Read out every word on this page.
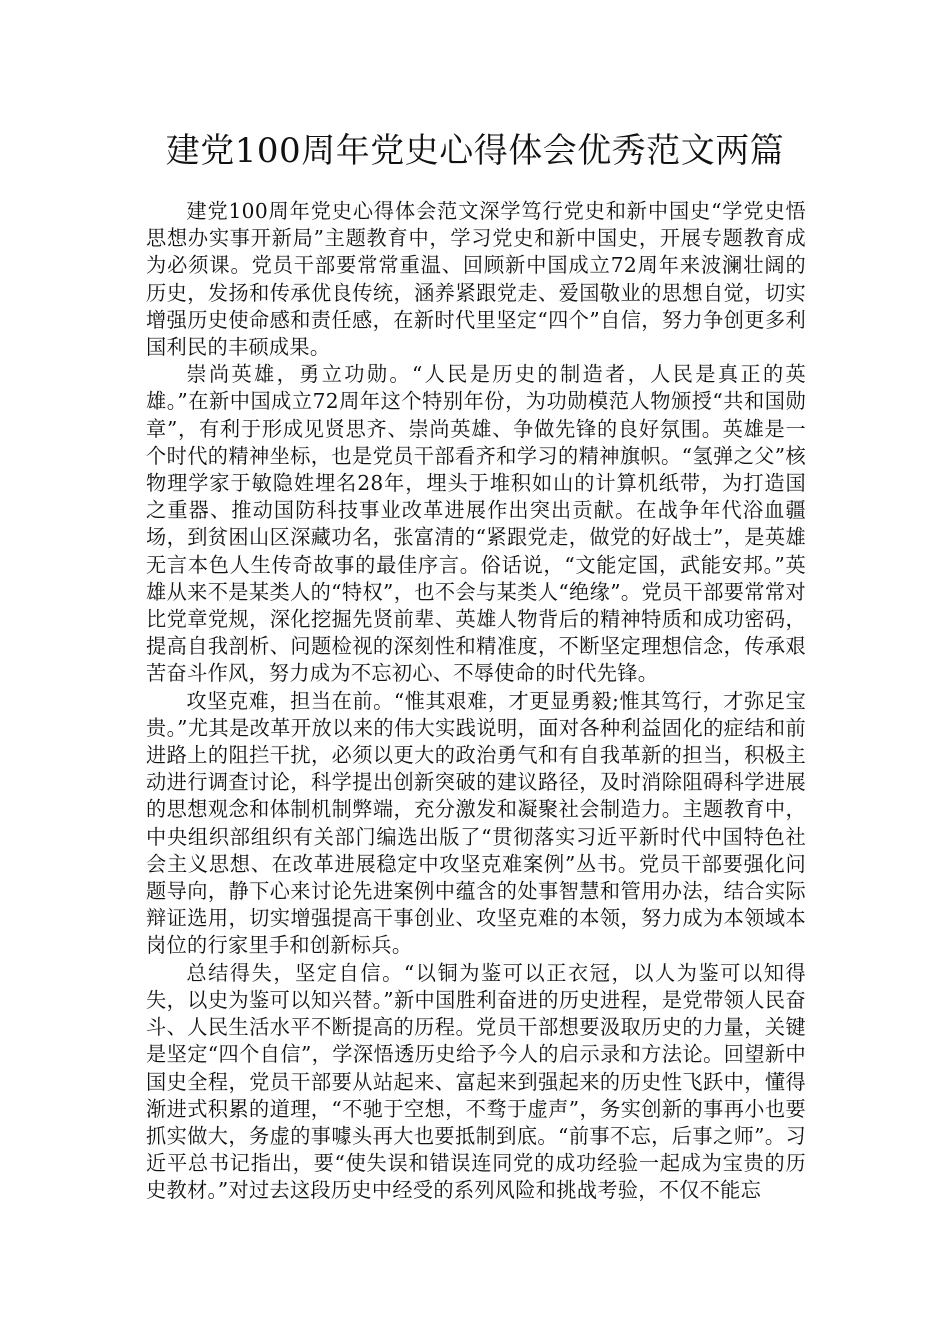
建党100周年党史心得体会优秀范文两篇

建党100周年党史心得体会范文深学笃行党史和新中国史“学党史悟思想办实事开新局”主题教育中，学习党史和新中国史，开展专题教育成为必须课。党员干部要常常重温、回顾新中国成立72周年来波澜壮阔的历史，发扬和传承优良传统，涵养紧跟党走、爱国敬业的思想自觉，切实增强历史使命感和责任感，在新时代里坚定“四个”自信，努力争创更多利国利民的丰硕成果。

崇尚英雄，勇立功勋。“人民是历史的制造者，人民是真正的英雄。”在新中国成立72周年这个特别年份，为功勋模范人物颁授“共和国勋章”，有利于形成见贤思齐、崇尚英雄、争做先锋的良好氛围。英雄是一个时代的精神坐标，也是党员干部看齐和学习的精神旗帜。“氢弹之父”核物理学家于敏隐姓埋名28年，埋头于堆积如山的计算机纸带，为打造国之重器、推动国防科技事业改革进展作出突出贡献。在战争年代浴血疆场，到贫困山区深藏功名，张富清的“紧跟党走，做党的好战士”，是英雄无言本色人生传奇故事的最佳序言。俗话说，“文能定国，武能安邦。”英雄从来不是某类人的“特权”，也不会与某类人“绝缘”。党员干部要常常对比党章党规，深化挖掘先贤前辈、英雄人物背后的精神特质和成功密码，提高自我剖析、问题检视的深刻性和精准度，不断坚定理想信念，传承艰苦奋斗作风，努力成为不忘初心、不辱使命的时代先锋。

攻坚克难，担当在前。“惟其艰难，才更显勇毅;惟其笃行，才弥足宝贵。”尤其是改革开放以来的伟大实践说明，面对各种利益固化的症结和前进路上的阻拦干扰，必须以更大的政治勇气和有自我革新的担当，积极主动进行调查讨论，科学提出创新突破的建议路径，及时消除阻碍科学进展的思想观念和体制机制弊端，充分激发和凝聚社会制造力。主题教育中，中央组织部组织有关部门编选出版了“贯彻落实习近平新时代中国特色社会主义思想、在改革进展稳定中攻坚克难案例”丛书。党员干部要强化问题导向，静下心来讨论先进案例中蕴含的处事智慧和管用办法，结合实际辩证选用，切实增强提高干事创业、攻坚克难的本领，努力成为本领域本岗位的行家里手和创新标兵。

总结得失，坚定自信。“以铜为鉴可以正衣冠，以人为鉴可以知得失，以史为鉴可以知兴替。”新中国胜利奋进的历史进程，是党带领人民奋斗、人民生活水平不断提高的历程。党员干部想要汲取历史的力量，关键是坚定“四个自信”，学深悟透历史给予今人的启示录和方法论。回望新中国史全程，党员干部要从站起来、富起来到强起来的历史性飞跃中，懂得渐进式积累的道理，“不驰于空想，不骛于虚声”，务实创新的事再小也要抓实做大，务虚的事噱头再大也要抵制到底。“前事不忘，后事之师”。习近平总书记指出，要“使失误和错误连同党的成功经验一起成为宝贵的历史教材。”对过去这段历史中经受的系列风险和挑战考验，不仅不能忘
